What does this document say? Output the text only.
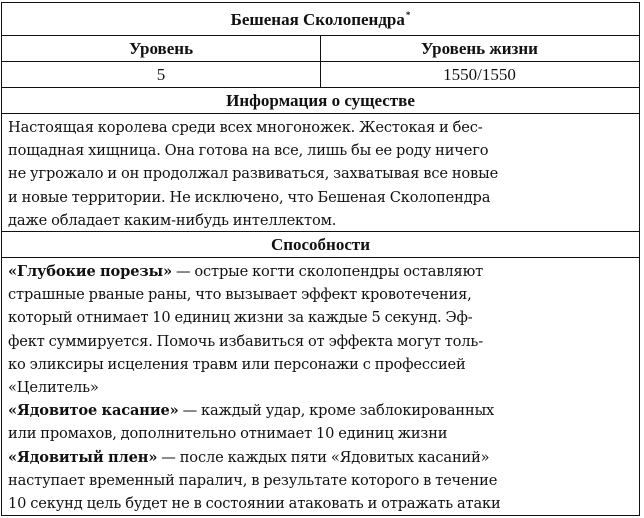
Бешеная Сколопендра*
Уровень	Уровень жизни
5	1550/1550
Информация о существе
Настоящая королева среди всех многоножек. Жестокая и бес-
пощадная хищница. Она готова на все, лишь бы ее роду ничего
не угрожало и он продолжал развиваться, захватывая все новые
и новые территории. Не исключено, что Бешеная Сколопендра
даже обладает каким-нибудь интеллектом.
Способности
«Глубокие порезы» — острые когти сколопендры оставляют
страшные рваные раны, что вызывает эффект кровотечения,
который отнимает 10 единиц жизни за каждые 5 секунд. Эф-
фект суммируется. Помочь избавиться от эффекта могут толь-
ко эликсиры исцеления травм или персонажи с профессией
«Целитель»
«Ядовитое касание» — каждый удар, кроме заблокированных
или промахов, дополнительно отнимает 10 единиц жизни
«Ядовитый плен» — после каждых пяти «Ядовитых касаний»
наступает временный паралич, в результате которого в течение
10 секунд цель будет не в состоянии атаковать и отражать атаки
